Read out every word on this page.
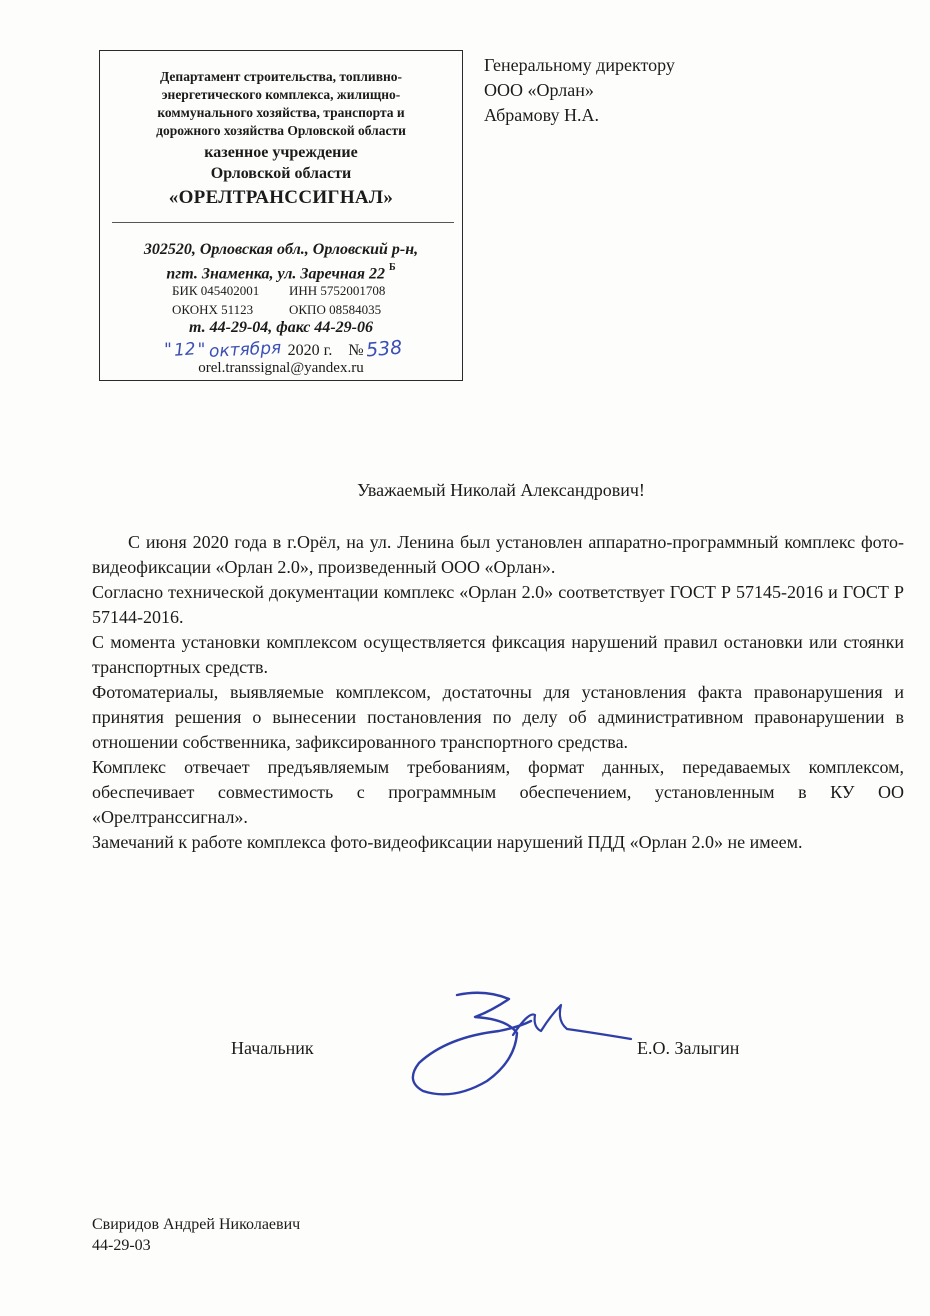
Департамент строительства, топливно-
энергетического комплекса, жилищно-
коммунального хозяйства, транспорта и
дорожного хозяйства Орловской области
казенное учреждение
Орловской области
«ОРЕЛТРАНССИГНАЛ»
302520, Орловская обл., Орловский р-н,
пгт. Знаменка, ул. Заречная 22 $^Б$
БИК 045402001 ИНН 5752001708
ОКОНХ 51123	ОКПО 08584035
т. 44-29-04, факс 44-29-06
"12" октября 2020 г. №538
orel.transsignal@yandex.ru
Генеральному директору
ООО «Орлан»
Абрамову Н.А.
Уважаемый Николай Александрович!

С июня 2020 года в г.Орёл, на ул. Ленина был установлен аппаратно-программный комплекс фото- видеофиксации «Орлан 2.0», произведенный ООО «Орлан».

Согласно технической документации комплекс «Орлан 2.0» соответствует ГОСТ Р 57145-2016 и ГОСТ Р 57144-2016.

С момента установки комплексом осуществляется фиксация нарушений правил остановки или стоянки транспортных средств.

Фотоматериалы, выявляемые комплексом, достаточны для установления факта правонарушения и принятия решения о вынесении постановления по делу об административном правонарушении в отношении собственника, зафиксированного транспортного средства.

Комплекс отвечает предъявляемым требованиям, формат данных, передаваемых комплексом, обеспечивает совместимость с программным обеспечением, установленным в КУ ОО «Орелтранссигнал».

Замечаний к работе комплекса фото-видеофиксации нарушений ПДД «Орлан 2.0» не имеем.

Начальник	Е.О. Залыгин
Свиридов Андрей Николаевич
44-29-03
